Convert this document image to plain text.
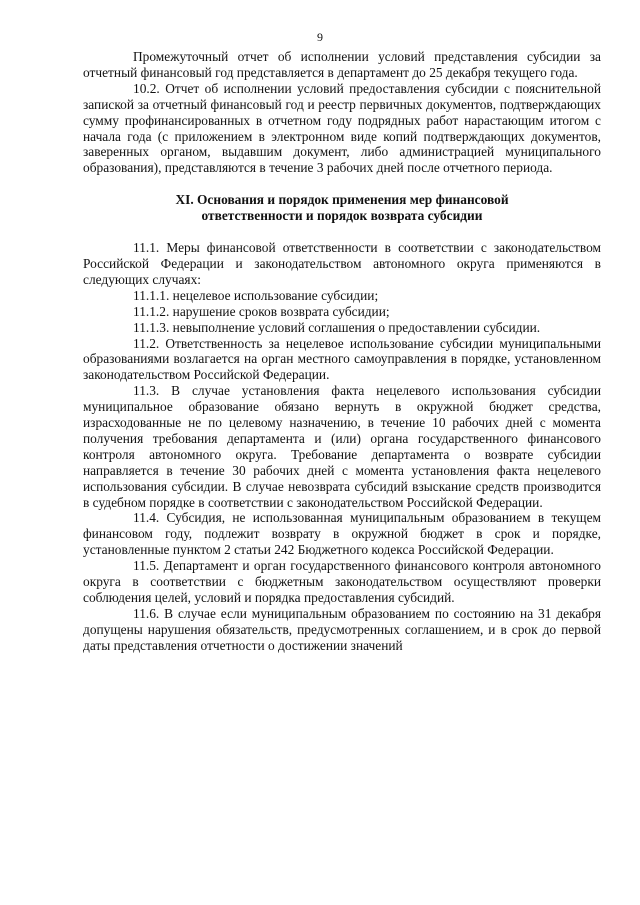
9

Промежуточный отчет об исполнении условий представления субсидии за отчетный финансовый год представляется в департамент до 25 декабря текущего года.

10.2. Отчет об исполнении условий предоставления субсидии с пояснительной запиской за отчетный финансовый год и реестр первичных документов, подтверждающих сумму профинансированных в отчетном году подрядных работ нарастающим итогом с начала года (с приложением в электронном виде копий подтверждающих документов, заверенных органом, выдавшим документ, либо администрацией муниципального образования), представляются в течение 3 рабочих дней после отчетного периода.

XI. Основания и порядок применения мер финансовой
ответственности и порядок возврата субсидии

11.1. Меры финансовой ответственности в соответствии с законодательством Российской Федерации и законодательством автономного округа применяются в следующих случаях:

11.1.1. нецелевое использование субсидии;

11.1.2. нарушение сроков возврата субсидии;

11.1.3. невыполнение условий соглашения о предоставлении субсидии.

11.2. Ответственность за нецелевое использование субсидии муниципальными образованиями возлагается на орган местного самоуправления в порядке, установленном законодательством Российской Федерации.

11.3. В случае установления факта нецелевого использования субсидии муниципальное образование обязано вернуть в окружной бюджет средства, израсходованные не по целевому назначению, в течение 10 рабочих дней с момента получения требования департамента и (или) органа государственного финансового контроля автономного округа. Требование департамента о возврате субсидии направляется в течение 30 рабочих дней с момента установления факта нецелевого использования субсидии. В случае невозврата субсидий взыскание средств производится в судебном порядке в соответствии с законодательством Российской Федерации.

11.4. Субсидия, не использованная муниципальным образованием в текущем финансовом году, подлежит возврату в окружной бюджет в срок и порядке, установленные пунктом 2 статьи 242 Бюджетного кодекса Российской Федерации.

11.5. Департамент и орган государственного финансового контроля автономного округа в соответствии с бюджетным законодательством осуществляют проверки соблюдения целей, условий и порядка предоставления субсидий.

11.6. В случае если муниципальным образованием по состоянию на 31 декабря допущены нарушения обязательств, предусмотренных соглашением, и в срок до первой даты представления отчетности о достижении значений
